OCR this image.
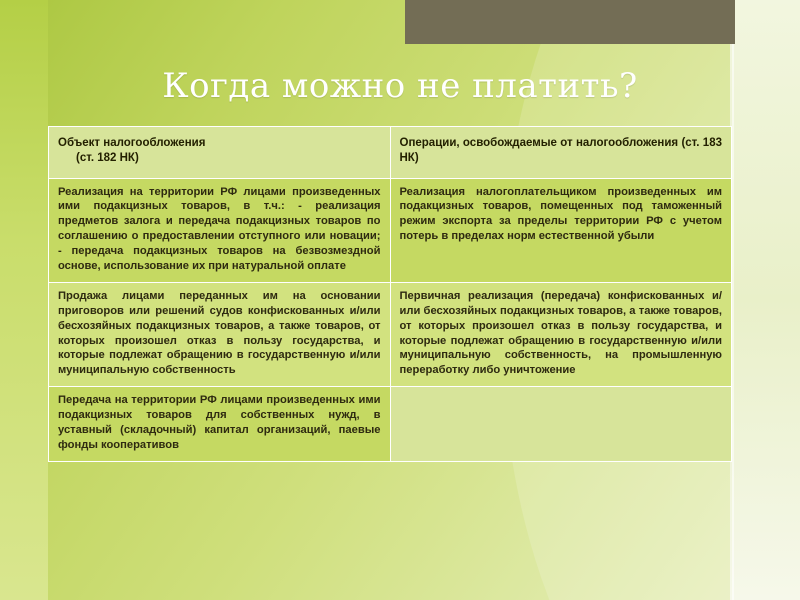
Когда можно не платить?
Объект налогообложения
(ст. 182 НК)	Операции, освобождаемые от налогообложения (ст. 183 НК)

Реализация на территории РФ лицами произведенных ими подакцизных товаров, в т.ч.: - реализация предметов залога и передача подакцизных товаров по соглашению о предоставлении отступного или новации; - передача подакцизных товаров на безвозмездной основе, использование их при натуральной оплате	Реализация налогоплательщиком произведенных им подакцизных товаров, помещенных под таможенный режим экспорта за пределы территории РФ с учетом потерь в пределах норм естественной убыли
Продажа лицами переданных им на основании приговоров или решений судов конфискованных и/или бесхозяйных подакцизных товаров, а также товаров, от которых произошел отказ в пользу государства, и которые подлежат обращению в государственную и/или муниципальную собственность	Первичная реализация (передача) конфискованных и/или бесхозяйных подакцизных товаров, а также товаров, от которых произошел отказ в пользу государства, и которые подлежат обращению в государственную и/или муниципальную собственность, на промышленную переработку либо уничтожение
Передача на территории РФ лицами произведенных ими подакцизных товаров для собственных нужд, в уставный (складочный) капитал организаций, паевые фонды кооперативов	
